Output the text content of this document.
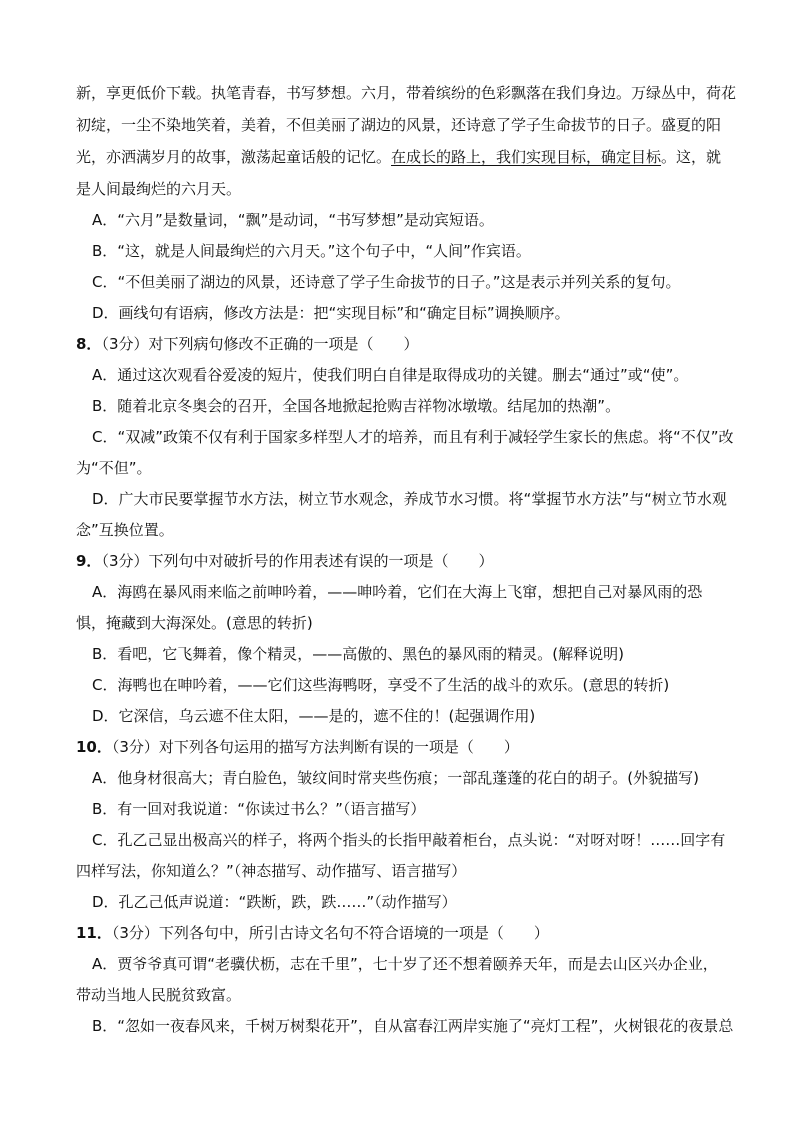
新，享更低价下载。执笔青春，书写梦想。六月，带着缤纷的色彩飘落在我们身边。万绿丛中，荷花
初绽，一尘不染地笑着，美着，不但美丽了湖边的风景，还诗意了学子生命拔节的日子。盛夏的阳
光，亦洒满岁月的故事，激荡起童话般的记忆。在成长的路上，我们实现目标，确定目标。这，就
是人间最绚烂的六月天。
A．“六月”是数量词，“飘”是动词，“书写梦想”是动宾短语。
B．“这，就是人间最绚烂的六月天。”这个句子中，“人间”作宾语。
C．“不但美丽了湖边的风景，还诗意了学子生命拔节的日子。”这是表示并列关系的复句。
D．画线句有语病，修改方法是：把“实现目标”和“确定目标”调换顺序。
8．（3分）对下列病句修改不正确的一项是（　　）
A．通过这次观看谷爱凌的短片，使我们明白自律是取得成功的关键。删去“通过”或“使”。
B．随着北京冬奥会的召开，全国各地掀起抢购吉祥物冰墩墩。结尾加的热潮”。
C．“双减”政策不仅有利于国家多样型人才的培养，而且有利于减轻学生家长的焦虑。将“不仅”改
为“不但”。
D．广大市民要掌握节水方法，树立节水观念，养成节水习惯。将“掌握节水方法”与“树立节水观
念”互换位置。
9．（3分）下列句中对破折号的作用表述有误的一项是（　　）
A．海鸥在暴风雨来临之前呻吟着，——呻吟着，它们在大海上飞窜，想把自己对暴风雨的恐
惧，掩藏到大海深处。(意思的转折)
B．看吧，它飞舞着，像个精灵，——高傲的、黑色的暴风雨的精灵。(解释说明)
C．海鸭也在呻吟着，——它们这些海鸭呀，享受不了生活的战斗的欢乐。(意思的转折)
D．它深信，乌云遮不住太阳，——是的，遮不住的！(起强调作用)
10．（3分）对下列各句运用的描写方法判断有误的一项是（　　）
A．他身材很高大；青白脸色，皱纹间时常夹些伤痕；一部乱蓬蓬的花白的胡子。(外貌描写)
B．有一回对我说道：“你读过书么？”（语言描写）
C．孔乙己显出极高兴的样子，将两个指头的长指甲敲着柜台，点头说：“对呀对呀！……回字有
四样写法，你知道么？”（神态描写、动作描写、语言描写）
D．孔乙己低声说道：“跌断，跌，跌……”（动作描写）
11．（3分）下列各句中，所引古诗文名句不符合语境的一项是（　　）
A．贾爷爷真可谓“老骥伏枥，志在千里”，七十岁了还不想着颐养天年，而是去山区兴办企业，
带动当地人民脱贫致富。
B．“忽如一夜春风来，千树万树梨花开”，自从富春江两岸实施了“亮灯工程”，火树银花的夜景总
